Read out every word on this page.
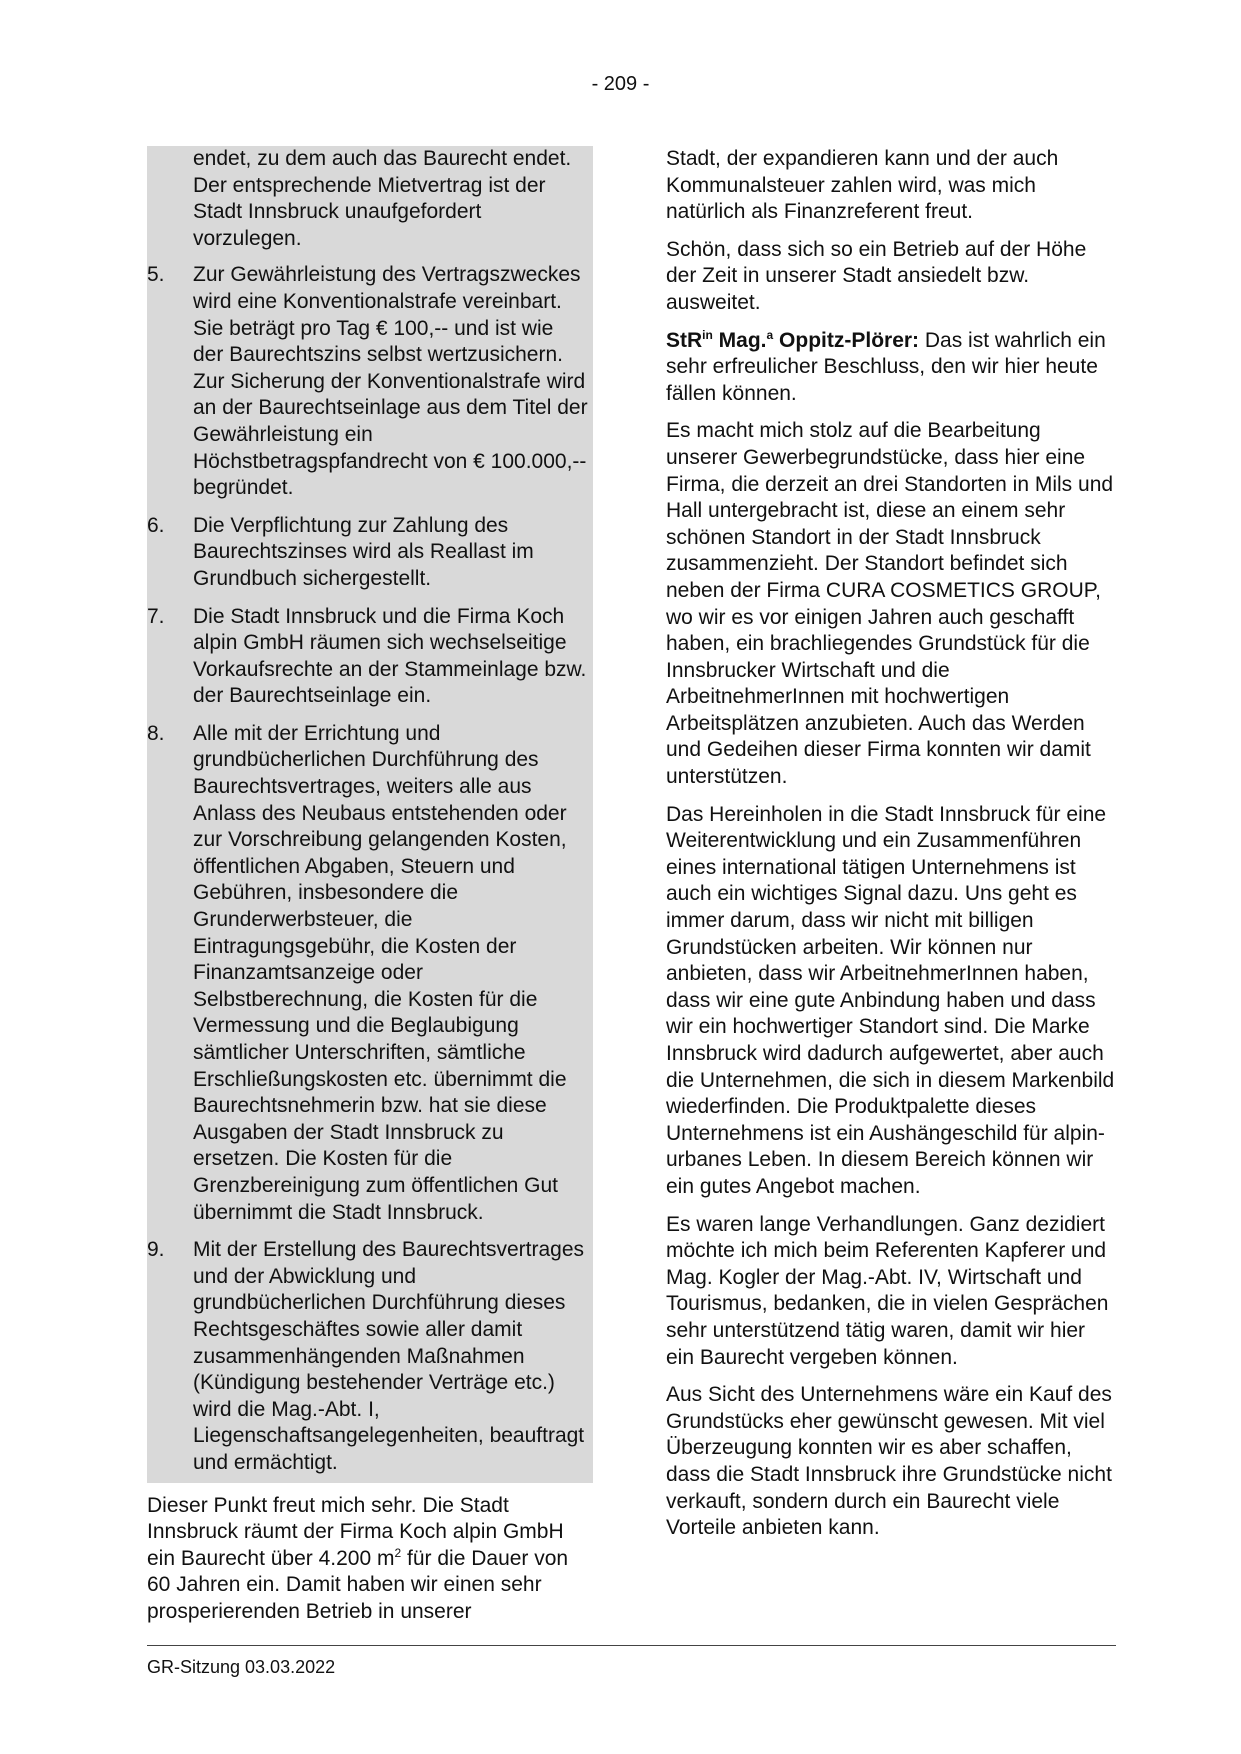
- 209 -

endet, zu dem auch das Baurecht endet. Der entsprechende Mietvertrag ist der Stadt Innsbruck unaufgefordert vorzulegen.

5.	Zur Gewährleistung des Vertragszweckes wird eine Konventionalstrafe vereinbart. Sie beträgt pro Tag € 100,-- und ist wie der Baurechtszins selbst wertzusichern. Zur Sicherung der Konventionalstrafe wird an der Baurechtseinlage aus dem Titel der Gewährleistung ein Höchstbetragspfandrecht von € 100.000,-- begründet.

6.	Die Verpflichtung zur Zahlung des Baurechtszinses wird als Reallast im Grundbuch sichergestellt.

7.	Die Stadt Innsbruck und die Firma Koch alpin GmbH räumen sich wechselseitige Vorkaufsrechte an der Stammeinlage bzw. der Baurechtseinlage ein.

8.	Alle mit der Errichtung und grundbücherlichen Durchführung des Baurechtsvertrages, weiters alle aus Anlass des Neubaus entstehenden oder zur Vorschreibung gelangenden Kosten, öffentlichen Abgaben, Steuern und Gebühren, insbesondere die Grunderwerbsteuer, die Eintragungsgebühr, die Kosten der Finanzamtsanzeige oder Selbstberechnung, die Kosten für die Vermessung und die Beglaubigung sämtlicher Unterschriften, sämtliche Erschließungskosten etc. übernimmt die Baurechtsnehmerin bzw. hat sie diese Ausgaben der Stadt Innsbruck zu ersetzen. Die Kosten für die Grenzbereinigung zum öffentlichen Gut übernimmt die Stadt Innsbruck.

9.	Mit der Erstellung des Baurechtsvertrages und der Abwicklung und grundbücherlichen Durchführung dieses Rechtsgeschäftes sowie aller damit zusammenhängenden Maßnahmen (Kündigung bestehender Verträge etc.) wird die Mag.-Abt. I, Liegenschaftsangelegenheiten, beauftragt und ermächtigt.

Dieser Punkt freut mich sehr. Die Stadt Innsbruck räumt der Firma Koch alpin GmbH ein Baurecht über 4.200 $m^2$ für die Dauer von 60 Jahren ein. Damit haben wir einen sehr prosperierenden Betrieb in unserer

Stadt, der expandieren kann und der auch Kommunalsteuer zahlen wird, was mich natürlich als Finanzreferent freut.

Schön, dass sich so ein Betrieb auf der Höhe der Zeit in unserer Stadt ansiedelt bzw. ausweitet.

StR$^{in}$ Mag.$^a$ Oppitz-Plörer: Das ist wahrlich ein sehr erfreulicher Beschluss, den wir hier heute fällen können.

Es macht mich stolz auf die Bearbeitung unserer Gewerbegrundstücke, dass hier eine Firma, die derzeit an drei Standorten in Mils und Hall untergebracht ist, diese an einem sehr schönen Standort in der Stadt Innsbruck zusammenzieht. Der Standort befindet sich neben der Firma CURA COSMETICS GROUP, wo wir es vor einigen Jahren auch geschafft haben, ein brachliegendes Grundstück für die Innsbrucker Wirtschaft und die ArbeitnehmerInnen mit hochwertigen Arbeitsplätzen anzubieten. Auch das Werden und Gedeihen dieser Firma konnten wir damit unterstützen.

Das Hereinholen in die Stadt Innsbruck für eine Weiterentwicklung und ein Zusammenführen eines international tätigen Unternehmens ist auch ein wichtiges Signal dazu. Uns geht es immer darum, dass wir nicht mit billigen Grundstücken arbeiten. Wir können nur anbieten, dass wir ArbeitnehmerInnen haben, dass wir eine gute Anbindung haben und dass wir ein hochwertiger Standort sind. Die Marke Innsbruck wird dadurch aufgewertet, aber auch die Unternehmen, die sich in diesem Markenbild wiederfinden. Die Produktpalette dieses Unternehmens ist ein Aushängeschild für alpin-urbanes Leben. In diesem Bereich können wir ein gutes Angebot machen.

Es waren lange Verhandlungen. Ganz dezidiert möchte ich mich beim Referenten Kapferer und Mag. Kogler der Mag.-Abt. IV, Wirtschaft und Tourismus, bedanken, die in vielen Gesprächen sehr unterstützend tätig waren, damit wir hier ein Baurecht vergeben können.

Aus Sicht des Unternehmens wäre ein Kauf des Grundstücks eher gewünscht gewesen. Mit viel Überzeugung konnten wir es aber schaffen, dass die Stadt Innsbruck ihre Grundstücke nicht verkauft, sondern durch ein Baurecht viele Vorteile anbieten kann.

GR-Sitzung 03.03.2022
